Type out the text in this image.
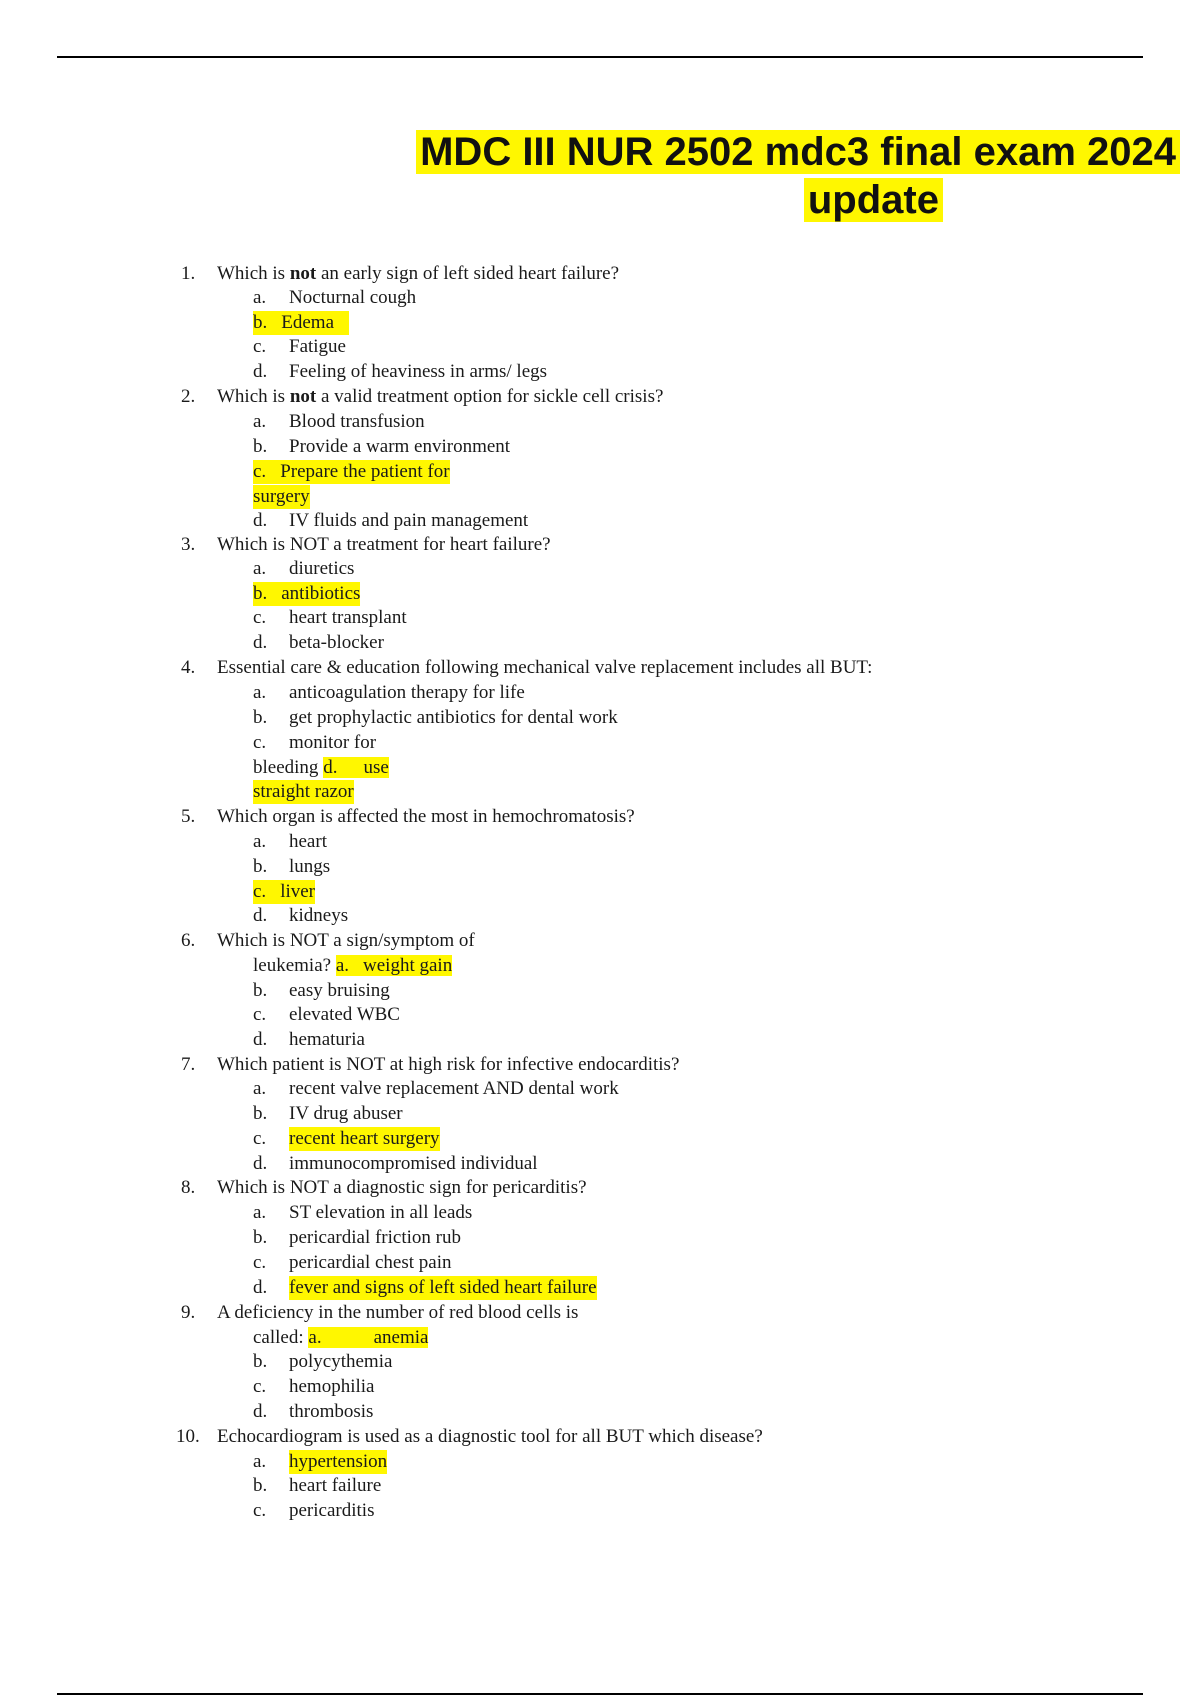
MDC III NUR 2502 mdc3 final exam 2024
update
1. Which is not an early sign of left sided heart failure?
a. Nocturnal cough
b. Edema
c. Fatigue
d. Feeling of heaviness in arms/ legs
2. Which is not a valid treatment option for sickle cell crisis?
a. Blood transfusion
b. Provide a warm environment
c. Prepare the patient for
surgery
d. IV fluids and pain management
3. Which is NOT a treatment for heart failure?
a. diuretics
b. antibiotics
c. heart transplant
d. beta-blocker
4. Essential care & education following mechanical valve replacement includes all BUT:
a. anticoagulation therapy for life
b. get prophylactic antibiotics for dental work
c. monitor for
bleeding d. use
straight razor
5. Which organ is affected the most in hemochromatosis?
a. heart
b. lungs
c. liver
d. kidneys
6. Which is NOT a sign/symptom of
leukemia? a. weight gain
b. easy bruising
c. elevated WBC
d. hematuria
7. Which patient is NOT at high risk for infective endocarditis?
a. recent valve replacement AND dental work
b. IV drug abuser
c. recent heart surgery
d. immunocompromised individual
8. Which is NOT a diagnostic sign for pericarditis?
a. ST elevation in all leads
b. pericardial friction rub
c. pericardial chest pain
d. fever and signs of left sided heart failure
9. A deficiency in the number of red blood cells is
called: a.	anemia
b. polycythemia
c. hemophilia
d. thrombosis
10. Echocardiogram is used as a diagnostic tool for all BUT which disease?
a. hypertension
b. heart failure
c. pericarditis
